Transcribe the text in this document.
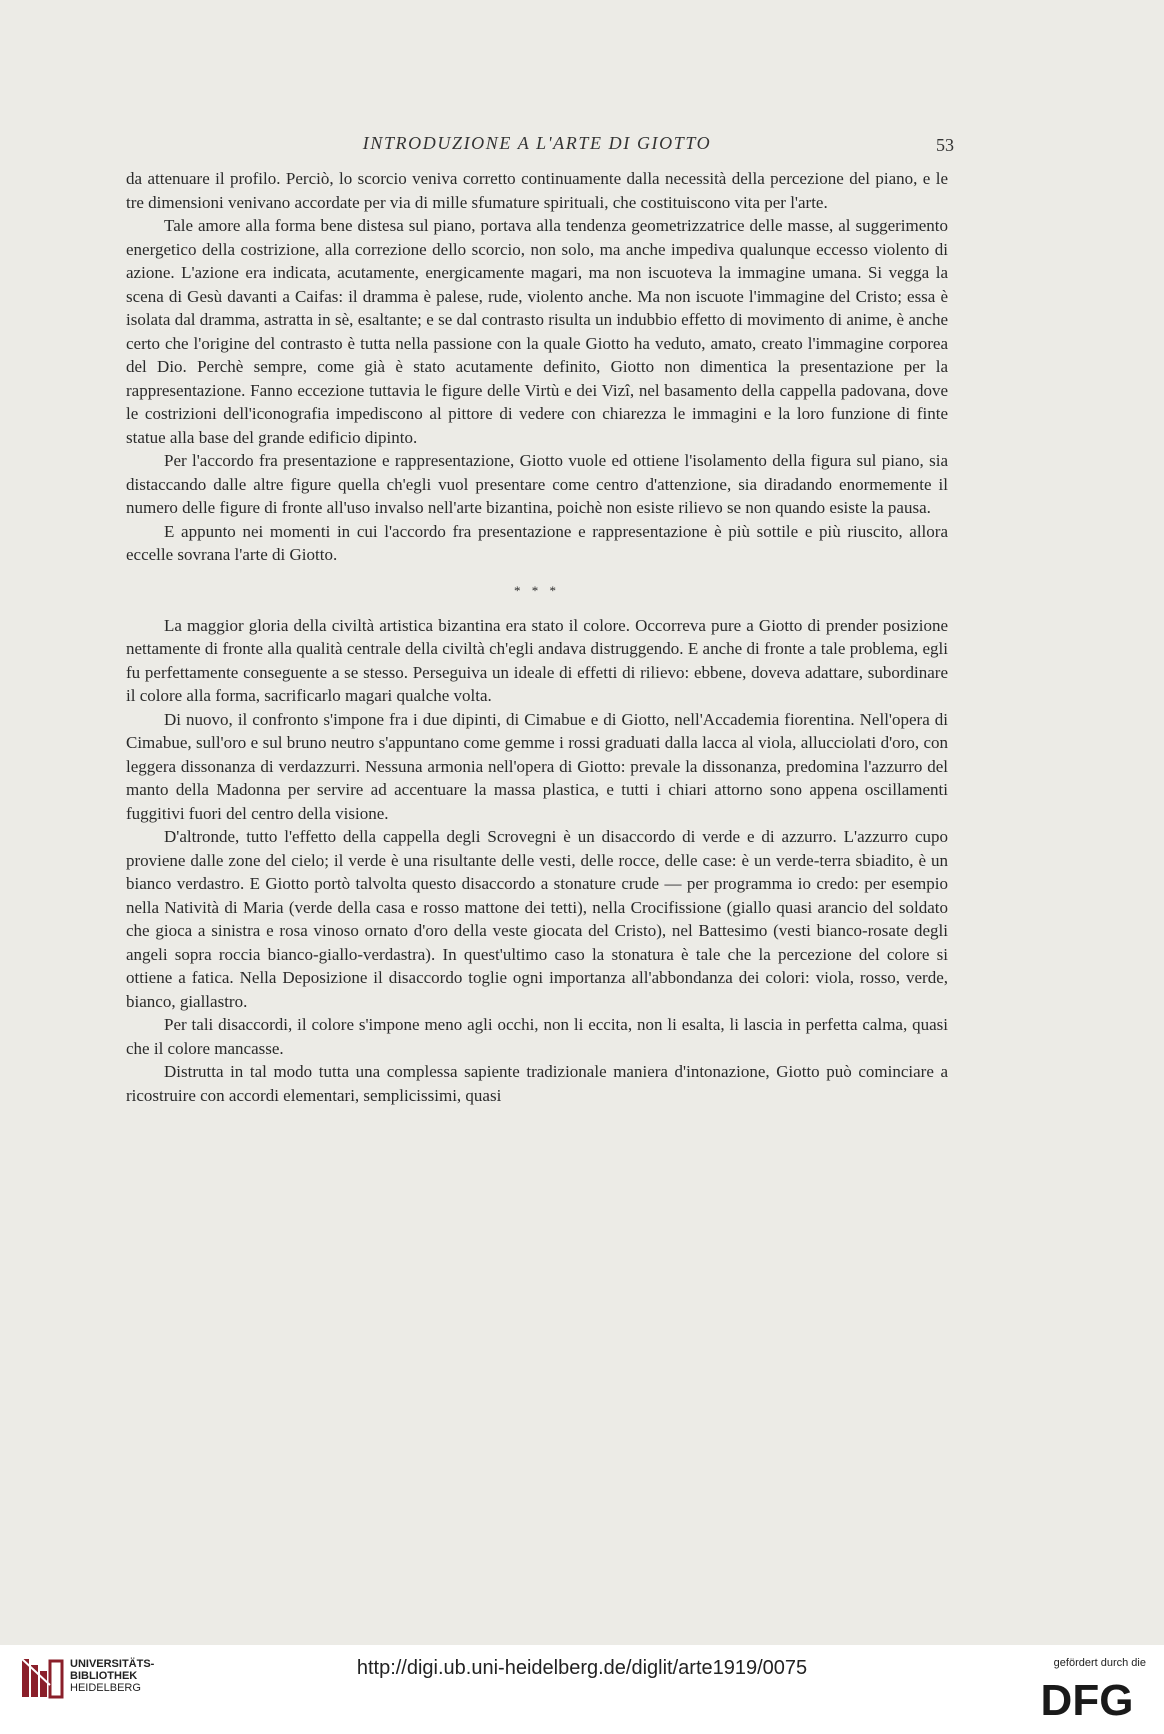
INTRODUZIONE A L'ARTE DI GIOTTO	53

da attenuare il profilo. Perciò, lo scorcio veniva corretto continuamente dalla necessità della percezione del piano, e le tre dimensioni venivano accordate per via di mille sfumature spirituali, che costituiscono vita per l'arte.

Tale amore alla forma bene distesa sul piano, portava alla tendenza geometrizzatrice delle masse, al suggerimento energetico della costrizione, alla correzione dello scorcio, non solo, ma anche impediva qualunque eccesso violento di azione. L'azione era indicata, acutamente, energicamente magari, ma non iscuoteva la immagine umana. Si vegga la scena di Gesù davanti a Caifas: il dramma è palese, rude, violento anche. Ma non iscuote l'immagine del Cristo; essa è isolata dal dramma, astratta in sè, esaltante; e se dal contrasto risulta un indubbio effetto di movimento di anime, è anche certo che l'origine del contrasto è tutta nella passione con la quale Giotto ha veduto, amato, creato l'immagine corporea del Dio. Perchè sempre, come già è stato acutamente definito, Giotto non dimentica la presentazione per la rappresentazione. Fanno eccezione tuttavia le figure delle Virtù e dei Vizî, nel basamento della cappella padovana, dove le costrizioni dell'iconografia impediscono al pittore di vedere con chiarezza le immagini e la loro funzione di finte statue alla base del grande edificio dipinto.

Per l'accordo fra presentazione e rappresentazione, Giotto vuole ed ottiene l'isolamento della figura sul piano, sia distaccando dalle altre figure quella ch'egli vuol presentare come centro d'attenzione, sia diradando enormemente il numero delle figure di fronte all'uso invalso nell'arte bizantina, poichè non esiste rilievo se non quando esiste la pausa.

E appunto nei momenti in cui l'accordo fra presentazione e rappresentazione è più sottile e più riuscito, allora eccelle sovrana l'arte di Giotto.

* * *

La maggior gloria della civiltà artistica bizantina era stato il colore. Occorreva pure a Giotto di prender posizione nettamente di fronte alla qualità centrale della civiltà ch'egli andava distruggendo. E anche di fronte a tale problema, egli fu perfettamente conseguente a se stesso. Perseguiva un ideale di effetti di rilievo: ebbene, doveva adattare, subordinare il colore alla forma, sacrificarlo magari qualche volta.

Di nuovo, il confronto s'impone fra i due dipinti, di Cimabue e di Giotto, nell'Accademia fiorentina. Nell'opera di Cimabue, sull'oro e sul bruno neutro s'appuntano come gemme i rossi graduati dalla lacca al viola, allucciolati d'oro, con leggera dissonanza di verdazzurri. Nessuna armonia nell'opera di Giotto: prevale la dissonanza, predomina l'azzurro del manto della Madonna per servire ad accentuare la massa plastica, e tutti i chiari attorno sono appena oscillamenti fuggitivi fuori del centro della visione.

D'altronde, tutto l'effetto della cappella degli Scrovegni è un disaccordo di verde e di azzurro. L'azzurro cupo proviene dalle zone del cielo; il verde è una risultante delle vesti, delle rocce, delle case: è un verde-terra sbiadito, è un bianco verdastro. E Giotto portò talvolta questo disaccordo a stonature crude — per programma io credo: per esempio nella Natività di Maria (verde della casa e rosso mattone dei tetti), nella Crocifissione (giallo quasi arancio del soldato che gioca a sinistra e rosa vinoso ornato d'oro della veste giocata del Cristo), nel Battesimo (vesti bianco-rosate degli angeli sopra roccia bianco-giallo-verdastra). In quest'ultimo caso la stonatura è tale che la percezione del colore si ottiene a fatica. Nella Deposizione il disaccordo toglie ogni importanza all'abbondanza dei colori: viola, rosso, verde, bianco, giallastro.

Per tali disaccordi, il colore s'impone meno agli occhi, non li eccita, non li esalta, li lascia in perfetta calma, quasi che il colore mancasse.

Distrutta in tal modo tutta una complessa sapiente tradizionale maniera d'intonazione, Giotto può cominciare a ricostruire con accordi elementari, semplicissimi, quasi

UNIVERSITÄTS-
BIBLIOTHEK
HEIDELBERG
http://digi.ub.uni-heidelberg.de/diglit/arte1919/0075	gefördert durch die
DFG
